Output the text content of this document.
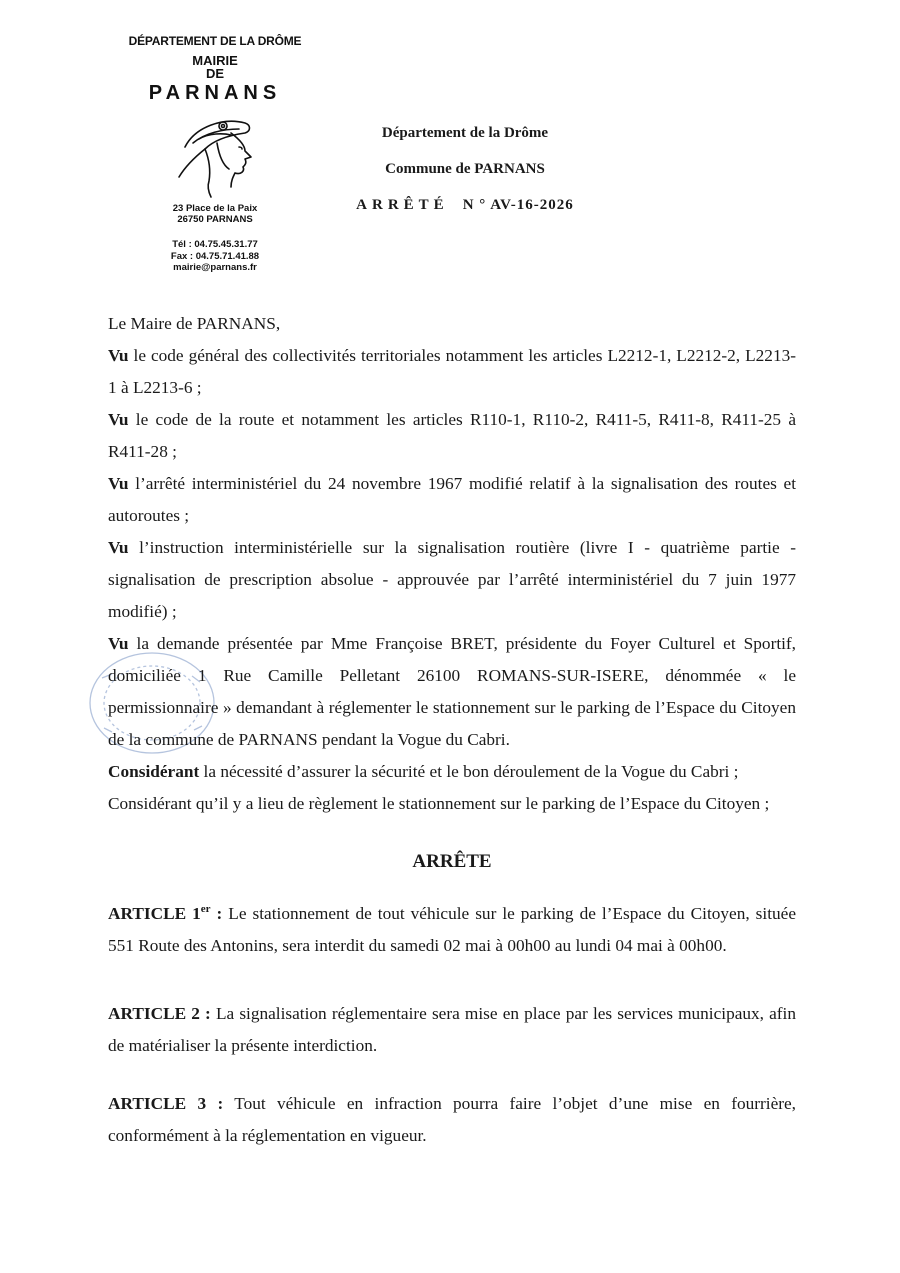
DÉPARTEMENT DE LA DRÔME
MAIRIE
DE
PARNANS
23 Place de la Paix
26750 PARNANS
Tél : 04.75.45.31.77
Fax : 04.75.71.41.88
mairie@parnans.fr
Département de la Drôme
Commune de PARNANS
ARRÊTÉ N ° AV-16-2026
Le Maire de PARNANS,
Vu le code général des collectivités territoriales notamment les articles L2212-1, L2212-2, L2213-1 à L2213-6 ;
Vu le code de la route et notamment les articles R110-1, R110-2, R411-5, R411-8, R411-25 à R411-28 ;
Vu l’arrêté interministériel du 24 novembre 1967 modifié relatif à la signalisation des routes et autoroutes ;
Vu l’instruction interministérielle sur la signalisation routière (livre I - quatrième partie - signalisation de prescription absolue - approuvée par l’arrêté interministériel du 7 juin 1977 modifié) ;
Vu la demande présentée par Mme Françoise BRET, présidente du Foyer Culturel et Sportif, domiciliée 1 Rue Camille Pelletant 26100 ROMANS-SUR-ISERE, dénommée « le permissionnaire » demandant à réglementer le stationnement sur le parking de l’Espace du Citoyen de la commune de PARNANS pendant la Vogue du Cabri.
Considérant la nécessité d’assurer la sécurité et le bon déroulement de la Vogue du Cabri ;
Considérant qu’il y a lieu de règlement le stationnement sur le parking de l’Espace du Citoyen ;
ARRÊTE
ARTICLE 1er : Le stationnement de tout véhicule sur le parking de l’Espace du Citoyen, située 551 Route des Antonins, sera interdit du samedi 02 mai à 00h00 au lundi 04 mai à 00h00.
ARTICLE 2 : La signalisation réglementaire sera mise en place par les services municipaux, afin de matérialiser la présente interdiction.
ARTICLE 3 : Tout véhicule en infraction pourra faire l’objet d’une mise en fourrière, conformément à la réglementation en vigueur.
